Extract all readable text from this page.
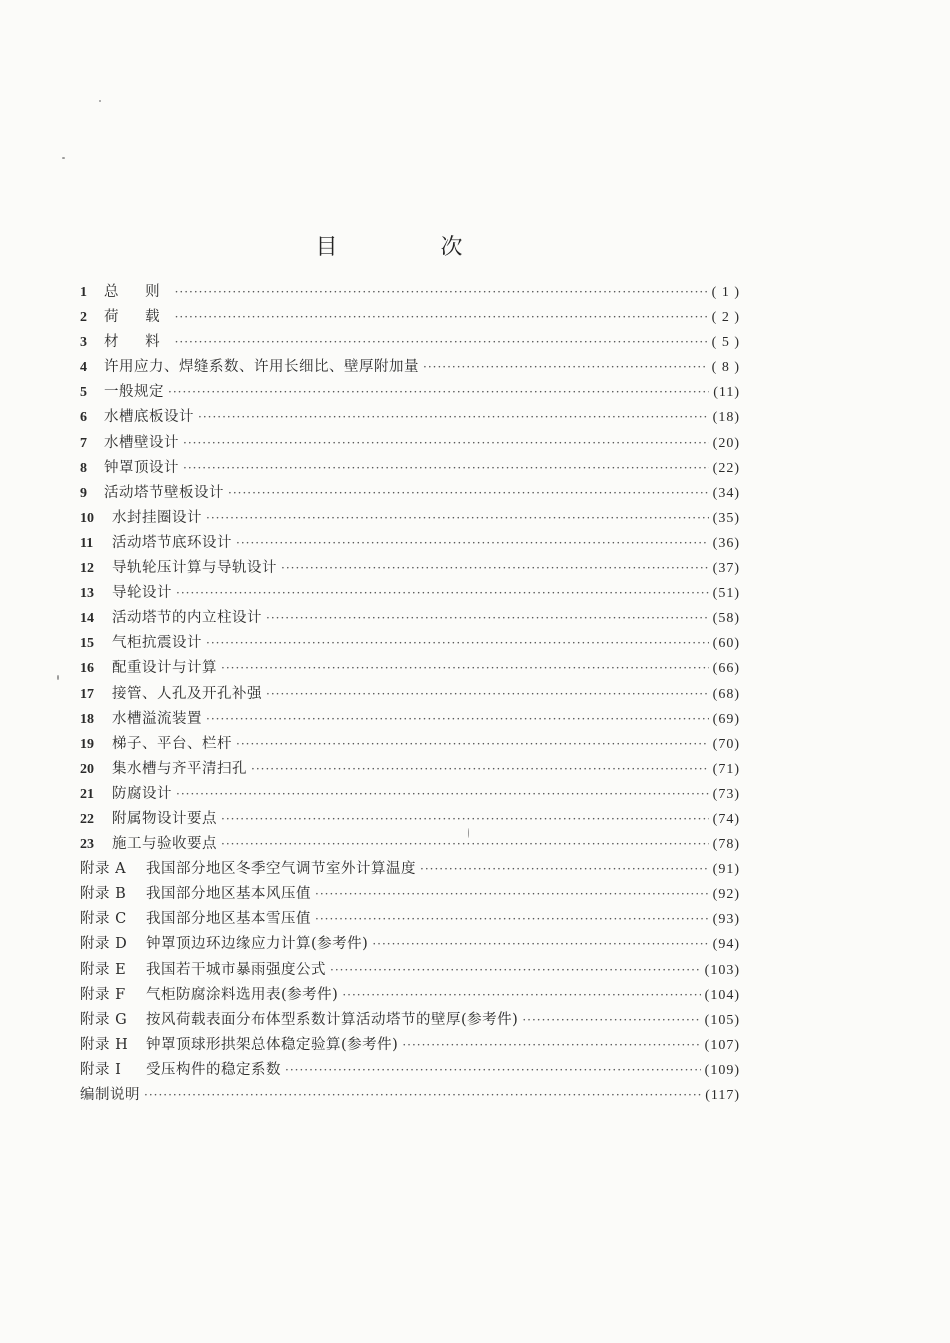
目 次
1	总 则 ·····	( 1 )
2	荷 载 ·····	( 2 )
3	材 料 ·····	( 5 )
4	许用应力、焊缝系数、许用长细比、壁厚附加量 ·····	( 8 )
5	一般规定 ·····	(11)
6	水槽底板设计 ·····	(18)
7	水槽壁设计 ·····	(20)
8	钟罩顶设计 ·····	(22)
9	活动塔节壁板设计 ·····	(34)
10	水封挂圈设计 ·····	(35)
11	活动塔节底环设计 ·····	(36)
12	导轨轮压计算与导轨设计 ·····	(37)
13	导轮设计 ·····	(51)
14	活动塔节的内立柱设计 ·····	(58)
15	气柜抗震设计 ·····	(60)
16	配重设计与计算 ·····	(66)
17	接管、人孔及开孔补强 ·····	(68)
18	水槽溢流装置 ·····	(69)
19	梯子、平台、栏杆 ·····	(70)
20	集水槽与齐平清扫孔 ·····	(71)
21	防腐设计 ·····	(73)
22	附属物设计要点 ·····	(74)
23	施工与验收要点 ·····	(78)
附录 A	我国部分地区冬季空气调节室外计算温度 ·····	(91)
附录 B	我国部分地区基本风压值 ·····	(92)
附录 C	我国部分地区基本雪压值 ·····	(93)
附录 D	钟罩顶边环边缘应力计算(参考件) ·····	(94)
附录 E	我国若干城市暴雨强度公式 ·····	(103)
附录 F	气柜防腐涂料选用表(参考件) ·····	(104)
附录 G	按风荷载表面分布体型系数计算活动塔节的壁厚(参考件) ·····	(105)
附录 H	钟罩顶球形拱架总体稳定验算(参考件) ·····	(107)
附录 I	受压构件的稳定系数 ·····	(109)
编制说明 ·····	(117)
